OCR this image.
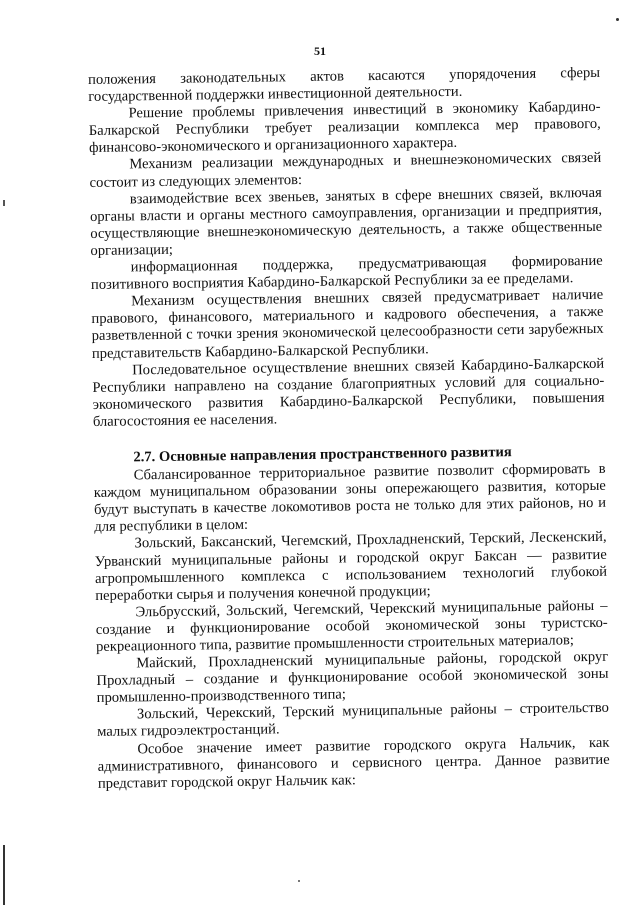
51

положения законодательных актов касаются упорядочения сферы государственной поддержки инвестиционной деятельности.

Решение проблемы привлечения инвестиций в экономику Кабардино-Балкарской Республики требует реализации комплекса мер правового, финансово-экономического и организационного характера.

Механизм реализации международных и внешнеэкономических связей состоит из следующих элементов:

взаимодействие всех звеньев, занятых в сфере внешних связей, включая органы власти и органы местного самоуправления, организации и предприятия, осуществляющие внешнеэкономическую деятельность, а также общественные организации;

информационная поддержка, предусматривающая формирование позитивного восприятия Кабардино-Балкарской Республики за ее пределами.

Механизм осуществления внешних связей предусматривает наличие правового, финансового, материального и кадрового обеспечения, а также разветвленной с точки зрения экономической целесообразности сети зарубежных представительств Кабардино-Балкарской Республики.

Последовательное осуществление внешних связей Кабардино-Балкарской Республики направлено на создание благоприятных условий для социально-экономического развития Кабардино-Балкарской Республики, повышения благосостояния ее населения.

2.7. Основные направления пространственного развития

Сбалансированное территориальное развитие позволит сформировать в каждом муниципальном образовании зоны опережающего развития, которые будут выступать в качестве локомотивов роста не только для этих районов, но и для республики в целом:

Зольский, Баксанский, Чегемский, Прохладненский, Терский, Лескенский, Урванский муниципальные районы и городской округ Баксан — развитие агропромышленного комплекса с использованием технологий глубокой переработки сырья и получения конечной продукции;

Эльбрусский, Зольский, Чегемский, Черекский муниципальные районы – создание и функционирование особой экономической зоны туристско-рекреационного типа, развитие промышленности строительных материалов;

Майский, Прохладненский муниципальные районы, городской округ Прохладный – создание и функционирование особой экономической зоны промышленно-производственного типа;

Зольский, Черекский, Терский муниципальные районы – строительство малых гидроэлектростанций.

Особое значение имеет развитие городского округа Нальчик, как административного, финансового и сервисного центра. Данное развитие представит городской округ Нальчик как:
